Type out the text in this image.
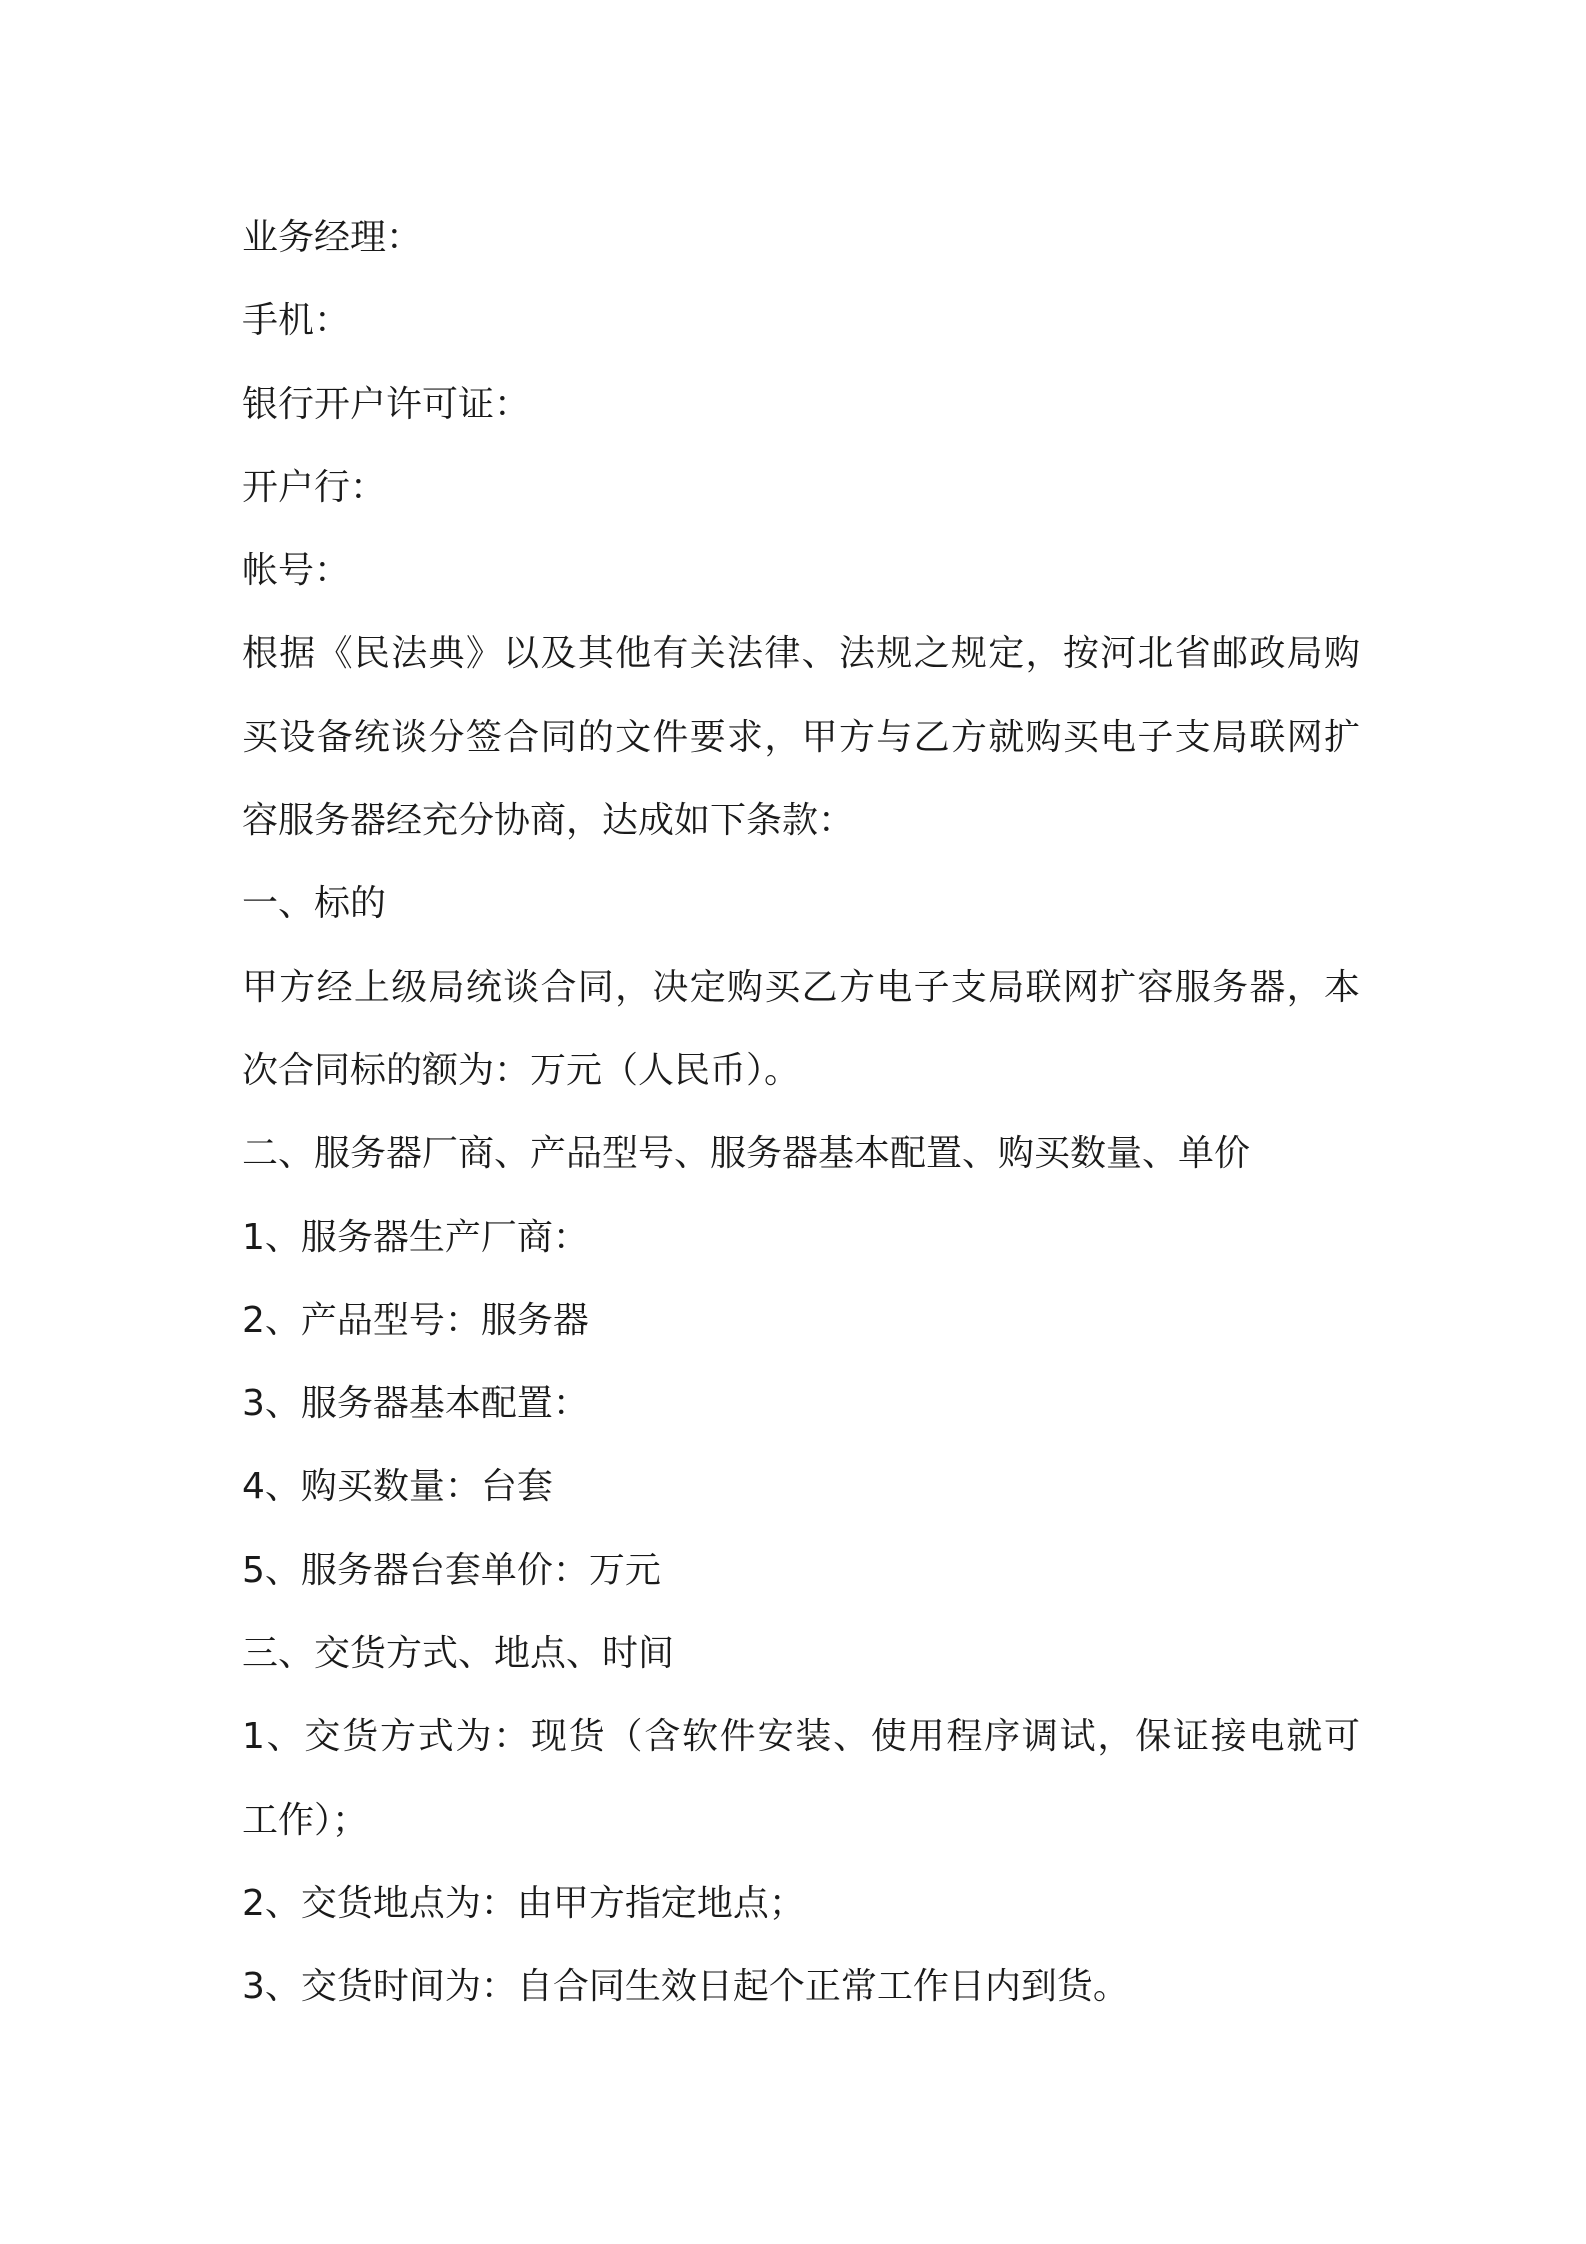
业务经理：
手机：
银行开户许可证：
开户行：
帐号：
根据《民法典》以及其他有关法律、法规之规定，按河北省邮政局购
买设备统谈分签合同的文件要求，甲方与乙方就购买电子支局联网扩
容服务器经充分协商，达成如下条款：
一、标的
甲方经上级局统谈合同，决定购买乙方电子支局联网扩容服务器，本
次合同标的额为：万元（人民币）。
二、服务器厂商、产品型号、服务器基本配置、购买数量、单价
1、服务器生产厂商：
2、产品型号：服务器
3、服务器基本配置：
4、购买数量：台套
5、服务器台套单价：万元
三、交货方式、地点、时间
1、交货方式为：现货（含软件安装、使用程序调试，保证接电就可
工作）；
2、交货地点为：由甲方指定地点；
3、交货时间为：自合同生效日起个正常工作日内到货。
